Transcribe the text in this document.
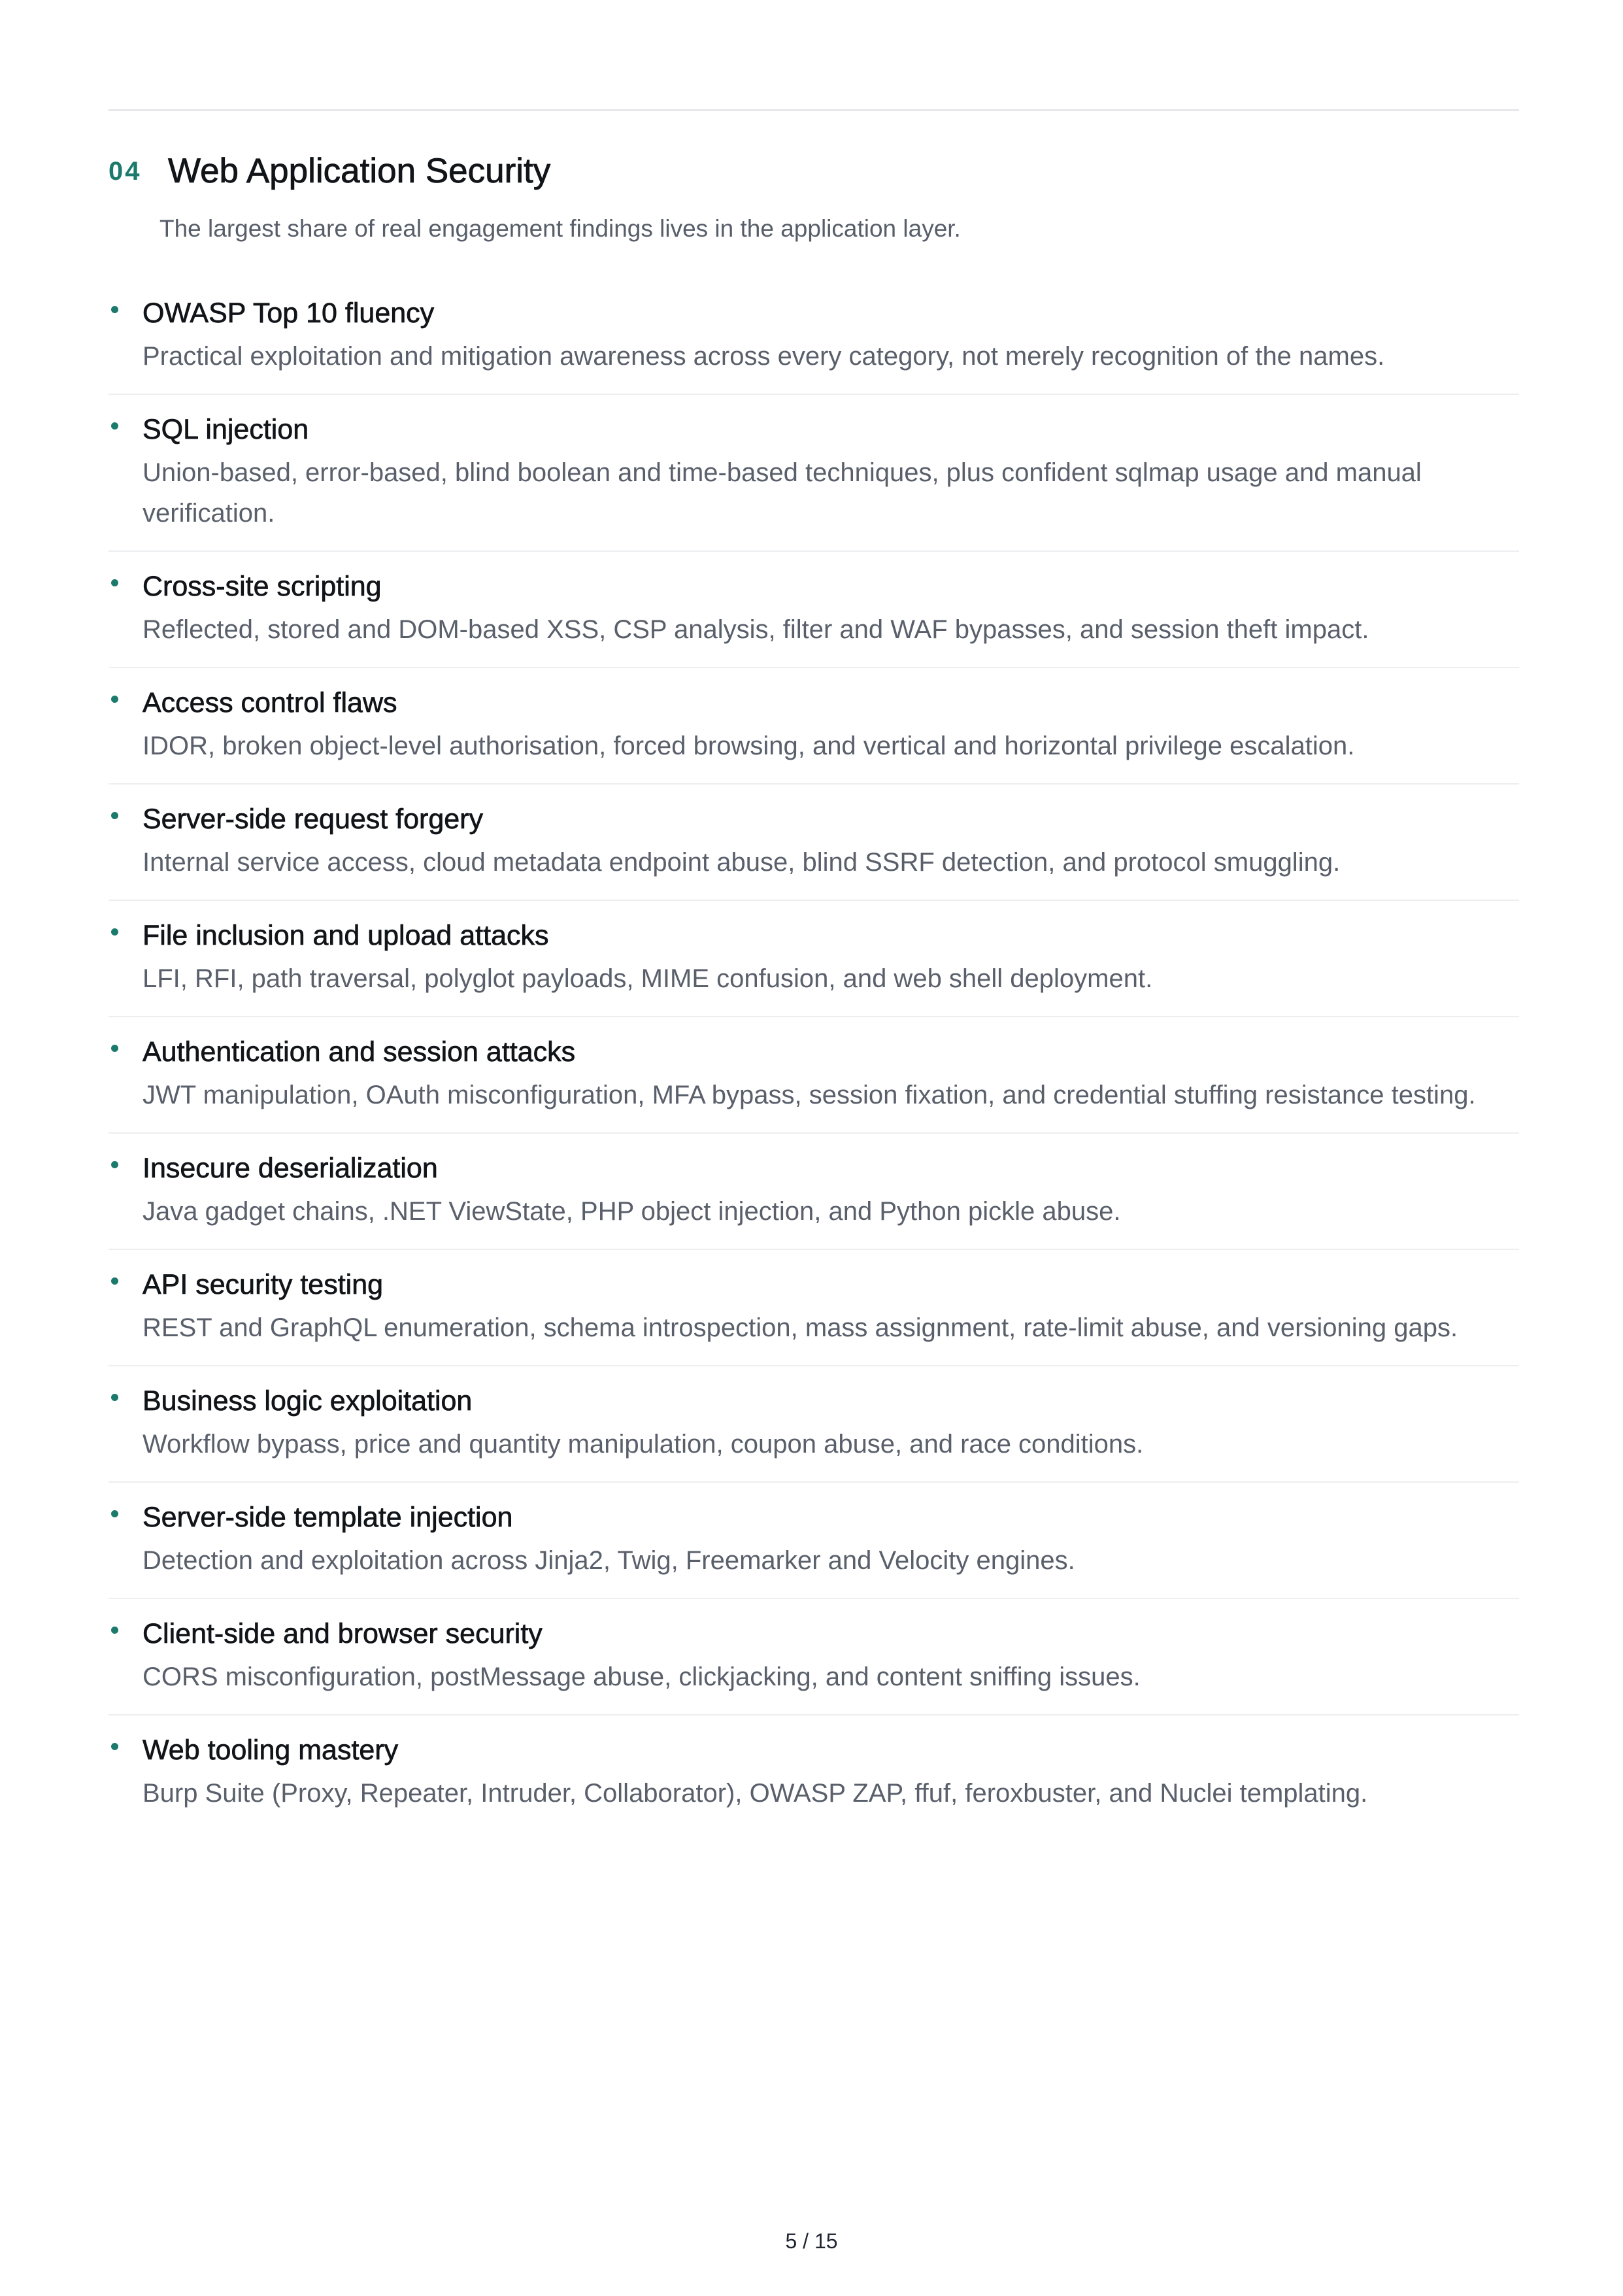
04 Web Application Security
The largest share of real engagement findings lives in the application layer.
OWASP Top 10 fluency
Practical exploitation and mitigation awareness across every category, not merely recognition of the names.
SQL injection
Union-based, error-based, blind boolean and time-based techniques, plus confident sqlmap usage and manual verification.
Cross-site scripting
Reflected, stored and DOM-based XSS, CSP analysis, filter and WAF bypasses, and session theft impact.
Access control flaws
IDOR, broken object-level authorisation, forced browsing, and vertical and horizontal privilege escalation.
Server-side request forgery
Internal service access, cloud metadata endpoint abuse, blind SSRF detection, and protocol smuggling.
File inclusion and upload attacks
LFI, RFI, path traversal, polyglot payloads, MIME confusion, and web shell deployment.
Authentication and session attacks
JWT manipulation, OAuth misconfiguration, MFA bypass, session fixation, and credential stuffing resistance testing.
Insecure deserialization
Java gadget chains, .NET ViewState, PHP object injection, and Python pickle abuse.
API security testing
REST and GraphQL enumeration, schema introspection, mass assignment, rate-limit abuse, and versioning gaps.
Business logic exploitation
Workflow bypass, price and quantity manipulation, coupon abuse, and race conditions.
Server-side template injection
Detection and exploitation across Jinja2, Twig, Freemarker and Velocity engines.
Client-side and browser security
CORS misconfiguration, postMessage abuse, clickjacking, and content sniffing issues.
Web tooling mastery
Burp Suite (Proxy, Repeater, Intruder, Collaborator), OWASP ZAP, ffuf, feroxbuster, and Nuclei templating.
5 / 15
